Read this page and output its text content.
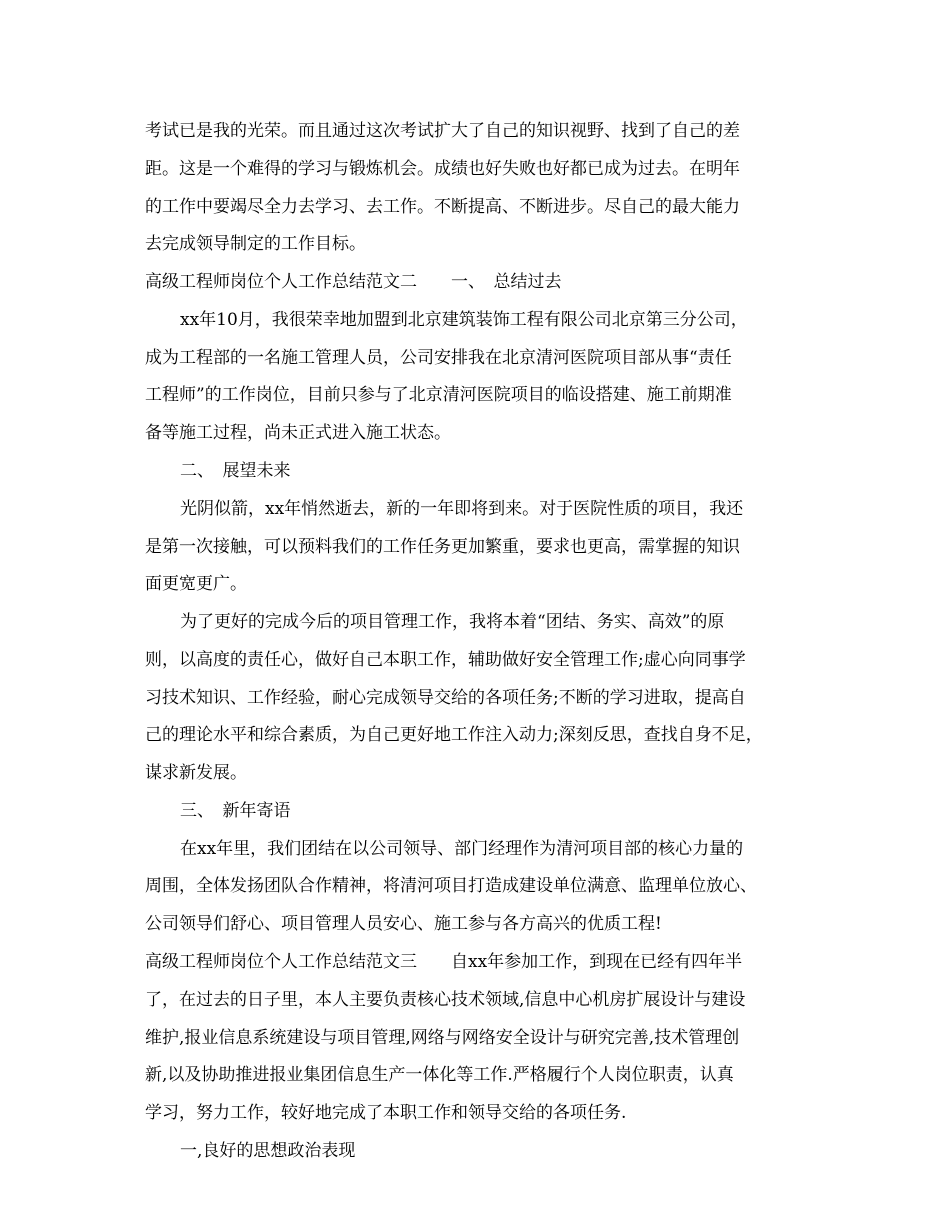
考试已是我的光荣。而且通过这次考试扩大了自己的知识视野、找到了自己的差
距。这是一个难得的学习与锻炼机会。成绩也好失败也好都已成为过去。在明年
的工作中要竭尽全力去学习、去工作。不断提高、不断进步。尽自己的最大能力
去完成领导制定的工作目标。
高级工程师岗位个人工作总结范文二　　一、　总结过去
xx年10月，我很荣幸地加盟到北京建筑装饰工程有限公司北京第三分公司，
成为工程部的一名施工管理人员，公司安排我在北京清河医院项目部从事“责任
工程师”的工作岗位，目前只参与了北京清河医院项目的临设搭建、施工前期准
备等施工过程，尚未正式进入施工状态。
二、　展望未来
光阴似箭，xx年悄然逝去，新的一年即将到来。对于医院性质的项目，我还
是第一次接触，可以预料我们的工作任务更加繁重，要求也更高，需掌握的知识
面更宽更广。
为了更好的完成今后的项目管理工作，我将本着“团结、务实、高效”的原
则，以高度的责任心，做好自己本职工作，辅助做好安全管理工作;虚心向同事学
习技术知识、工作经验，耐心完成领导交给的各项任务;不断的学习进取，提高自
己的理论水平和综合素质，为自己更好地工作注入动力;深刻反思，查找自身不足，
谋求新发展。
三、　新年寄语
在xx年里，我们团结在以公司领导、部门经理作为清河项目部的核心力量的
周围，全体发扬团队合作精神，将清河项目打造成建设单位满意、监理单位放心、
公司领导们舒心、项目管理人员安心、施工参与各方高兴的优质工程!
高级工程师岗位个人工作总结范文三　　自xx年参加工作，到现在已经有四年半
了，在过去的日子里，本人主要负责核心技术领域,信息中心机房扩展设计与建设
维护,报业信息系统建设与项目管理,网络与网络安全设计与研究完善,技术管理创
新,以及协助推进报业集团信息生产一体化等工作.严格履行个人岗位职责，认真
学习，努力工作，较好地完成了本职工作和领导交给的各项任务.
一,良好的思想政治表现
